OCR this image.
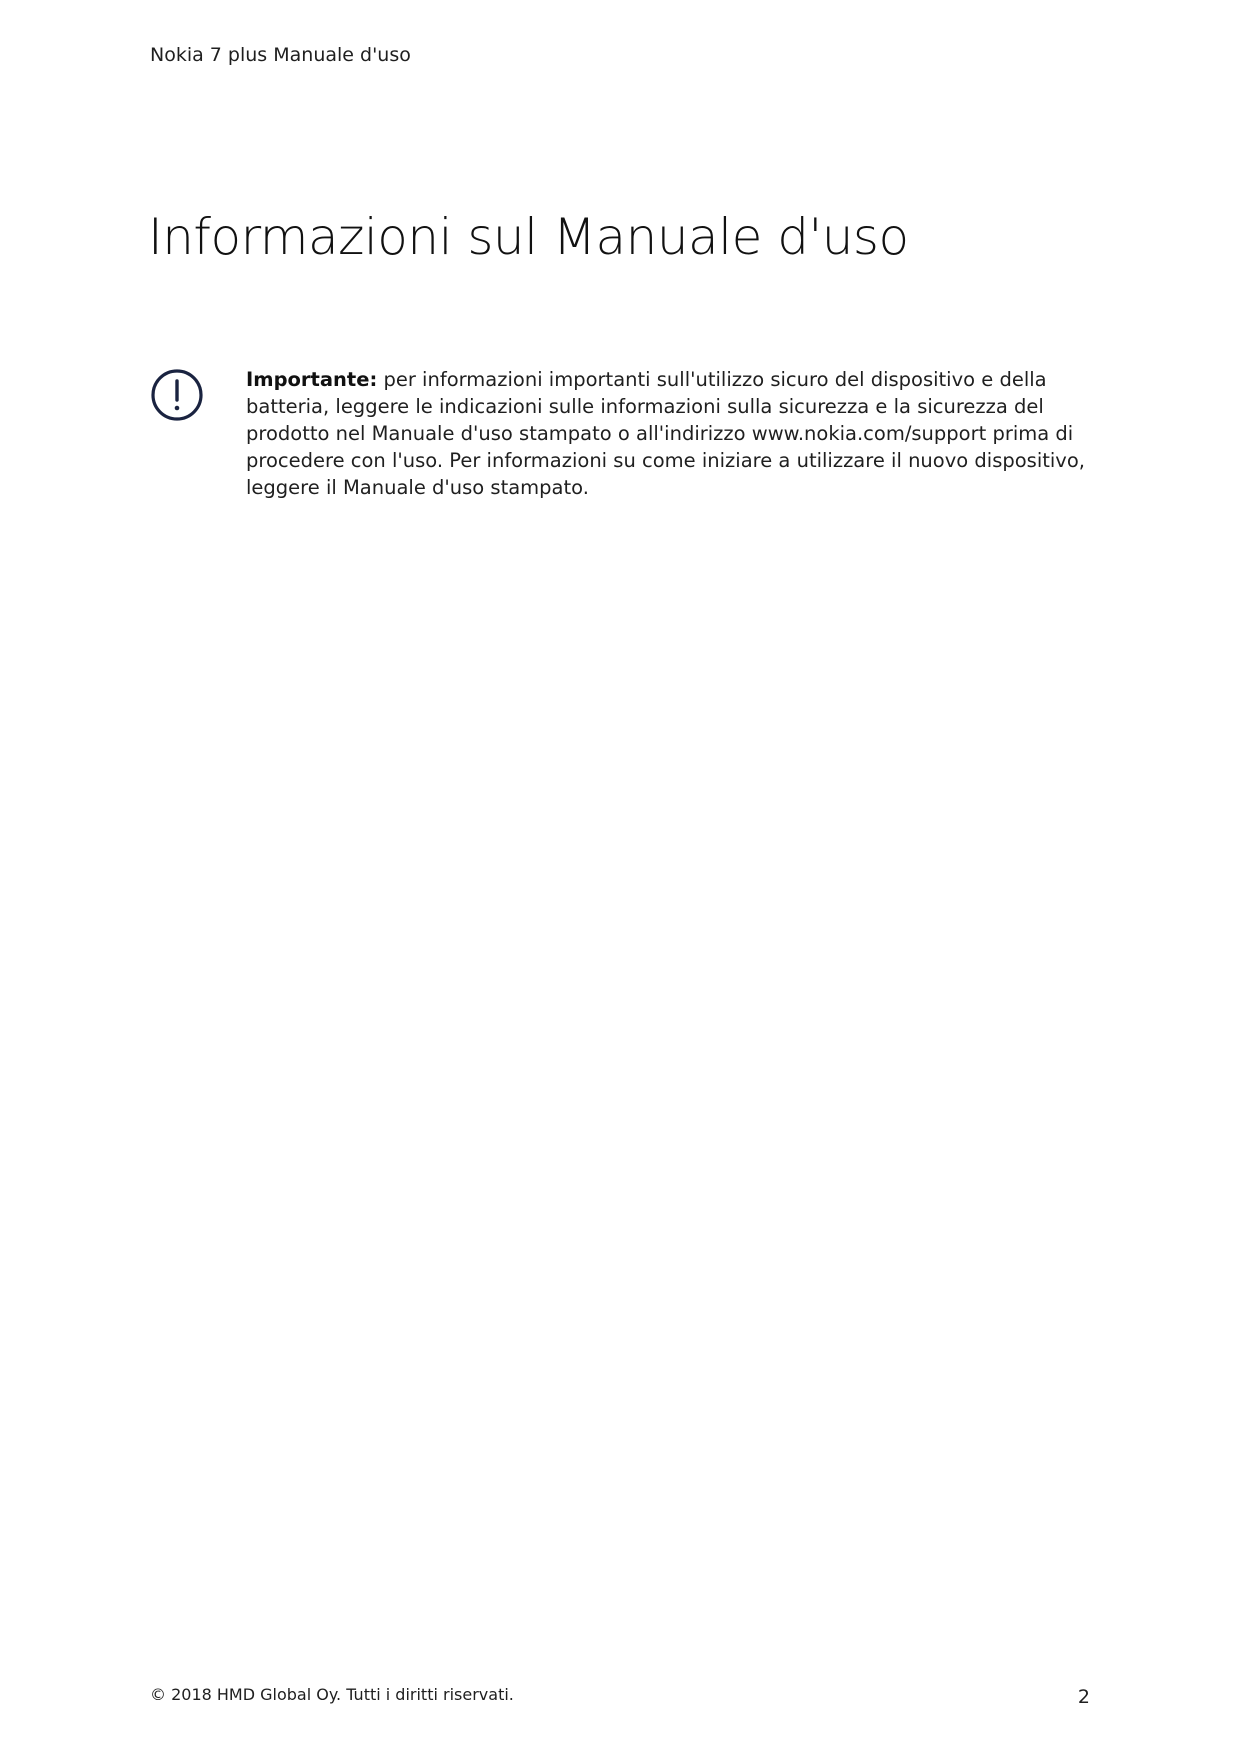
Nokia 7 plus Manuale d'uso
Informazioni sul Manuale d'uso

Importante: per informazioni importanti sull'utilizzo sicuro del dispositivo e della batteria, leggere le indicazioni sulle informazioni sulla sicurezza e la sicurezza del prodotto nel Manuale d'uso stampato o all'indirizzo www.nokia.com/support prima di procedere con l'uso. Per informazioni su come iniziare a utilizzare il nuovo dispositivo, leggere il Manuale d'uso stampato.

© 2018 HMD Global Oy. Tutti i diritti riservati.	2
